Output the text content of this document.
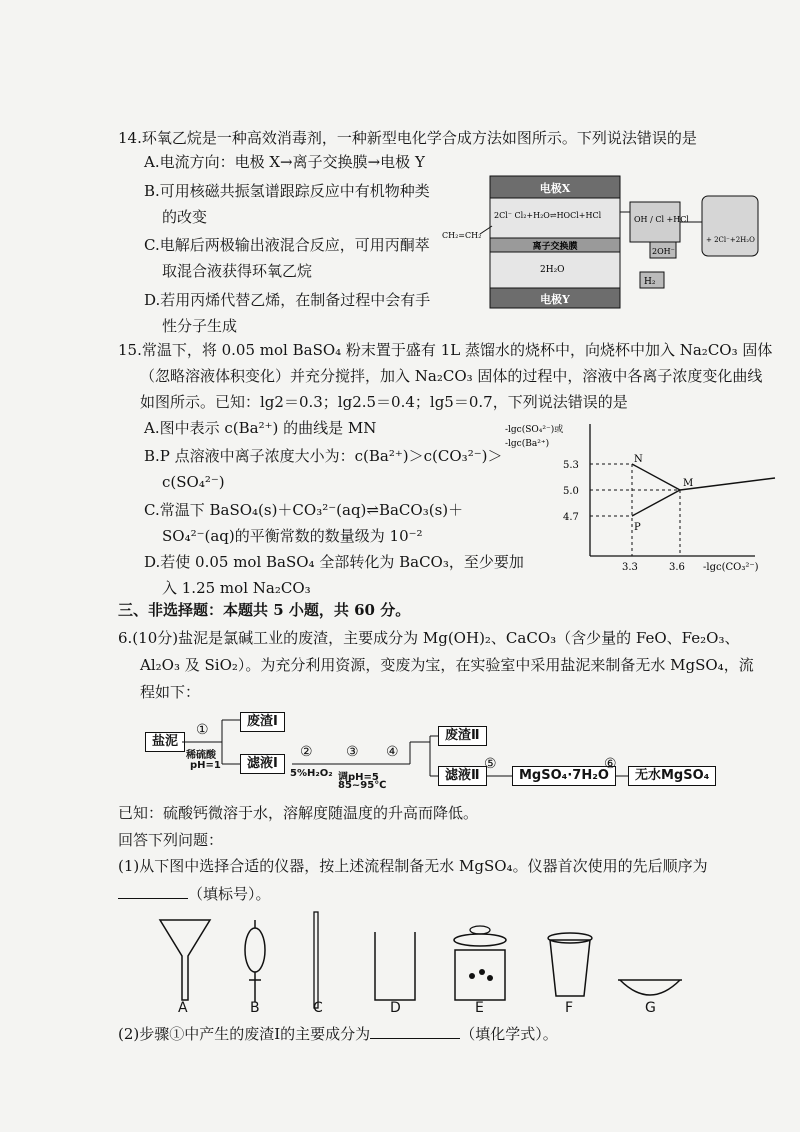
14.环氧乙烷是一种高效消毒剂，一种新型电化学合成方法如图所示。下列说法错误的是
A.电流方向：电极 X→离子交换膜→电极 Y
B.可用核磁共振氢谱跟踪反应中有机物种类
的改变
C.电解后两极输出液混合反应，可用丙酮萃
取混合液获得环氧乙烷
D.若用丙烯代替乙烯，在制备过程中会有手
性分子生成
电极X
2Cl⁻ Cl₂+H₂O⇌HOCl+HCl
离子交换膜
2H₂O
电极Y
CH₂=CH₂
OH / Cl +HCl
2OH⁻
H₂
+ 2Cl⁻+2H₂O
15.常温下，将 0.05 mol BaSO₄ 粉末置于盛有 1L 蒸馏水的烧杯中，向烧杯中加入 Na₂CO₃ 固体
（忽略溶液体积变化）并充分搅拌，加入 Na₂CO₃ 固体的过程中，溶液中各离子浓度变化曲线
如图所示。已知：lg2＝0.3；lg2.5＝0.4；lg5＝0.7，下列说法错误的是
A.图中表示 c(Ba²⁺) 的曲线是 MN
B.P 点溶液中离子浓度大小为：c(Ba²⁺)＞c(CO₃²⁻)＞
c(SO₄²⁻)
C.常温下 BaSO₄(s)＋CO₃²⁻(aq)⇌BaCO₃(s)＋
SO₄²⁻(aq)的平衡常数的数量级为 10⁻²
D.若使 0.05 mol BaSO₄ 全部转化为 BaCO₃，至少要加
入 1.25 mol Na₂CO₃
-lgc(SO₄²⁻)或
-lgc(Ba²⁺)
5.3
5.0
4.7
N
M
P
3.3	3.6 -lgc(CO₃²⁻)
三、非选择题：本题共 5 小题，共 60 分。
6.(10分)盐泥是氯碱工业的废渣，主要成分为 Mg(OH)₂、CaCO₃（含少量的 FeO、Fe₂O₃、
Al₂O₃ 及 SiO₂）。为充分利用资源，变废为宝，在实验室中采用盐泥来制备无水 MgSO₄，流
程如下：
盐泥
废渣Ⅰ
滤液Ⅰ
废渣Ⅱ
滤液Ⅱ	MgSO₄·7H₂O	无水MgSO₄
①
稀硫酸
pH=1
②
5%H₂O₂
③
调pH=5
85~95℃
④
⑤	⑥
已知：硫酸钙微溶于水，溶解度随温度的升高而降低。
回答下列问题：
(1)从下图中选择合适的仪器，按上述流程制备无水 MgSO₄。仪器首次使用的先后顺序为
（填标号）。
A	B	C	D	E	F	G
(2)步骤①中产生的废渣Ⅰ的主要成分为	（填化学式）。
